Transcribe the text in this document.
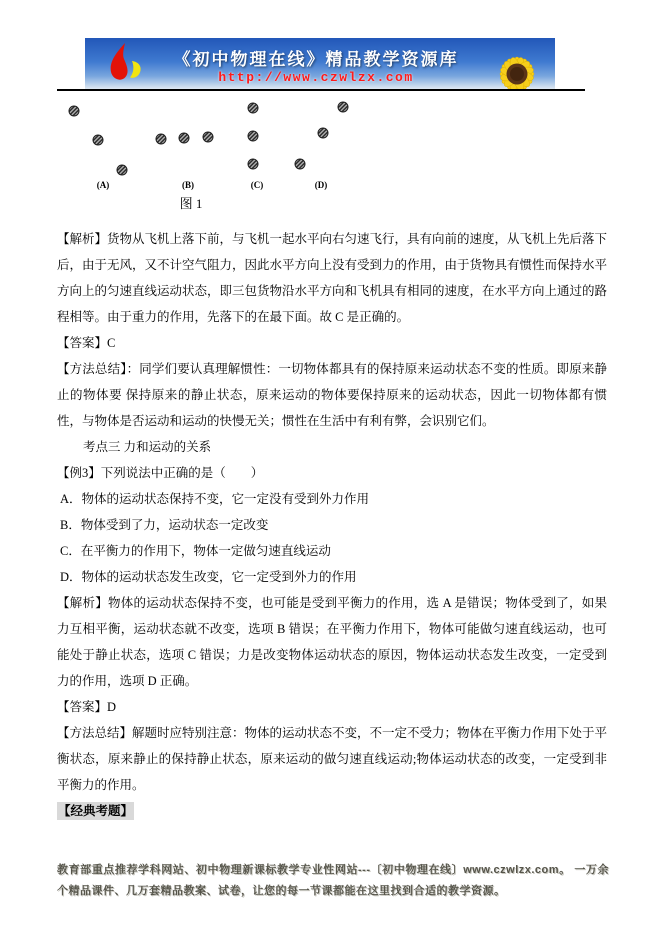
《初中物理在线》精品教学资源库
http://www.czwlzx.com
(A)	(B)	(C)	(D)
图 1

【解析】货物从飞机上落下前，与飞机一起水平向右匀速飞行，具有向前的速度，从飞机上先后落下后，由于无风，又不计空气阻力，因此水平方向上没有受到力的作用，由于货物具有惯性而保持水平方向上的匀速直线运动状态，即三包货物沿水平方向和飞机具有相同的速度，在水平方向上通过的路程相等。由于重力的作用，先落下的在最下面。故 C 是正确的。

【答案】C

【方法总结】：同学们要认真理解惯性：一切物体都具有的保持原来运动状态不变的性质。即原来静止的物体要 保持原来的静止状态，原来运动的物体要保持原来的运动状态，因此一切物体都有惯性，与物体是否运动和运动的快慢无关；惯性在生活中有利有弊，会识别它们。

考点三 力和运动的关系

【例3】下列说法中正确的是（　　）

A．物体的运动状态保持不变，它一定没有受到外力作用

B．物体受到了力，运动状态一定改变

C．在平衡力的作用下，物体一定做匀速直线运动

D．物体的运动状态发生改变，它一定受到外力的作用

【解析】物体的运动状态保持不变，也可能是受到平衡力的作用，选 A 是错误；物体受到了，如果力互相平衡，运动状态就不改变，选项 B 错误；在平衡力作用下，物体可能做匀速直线运动，也可能处于静止状态，选项 C 错误；力是改变物体运动状态的原因，物体运动状态发生改变，一定受到力的作用，选项 D 正确。

【答案】D

【方法总结】解题时应特别注意：物体的运动状态不变，不一定不受力；物体在平衡力作用下处于平衡状态，原来静止的保持静止状态，原来运动的做匀速直线运动;物体运动状态的改变，一定受到非平衡力的作用。

【经典考题】

教育部重点推荐学科网站、初中物理新课标教学专业性网站---〔初中物理在线〕www.czwlzx.com。 一万余个精品课件、几万套精品教案、试卷，让您的每一节课都能在这里找到合适的教学资源。
